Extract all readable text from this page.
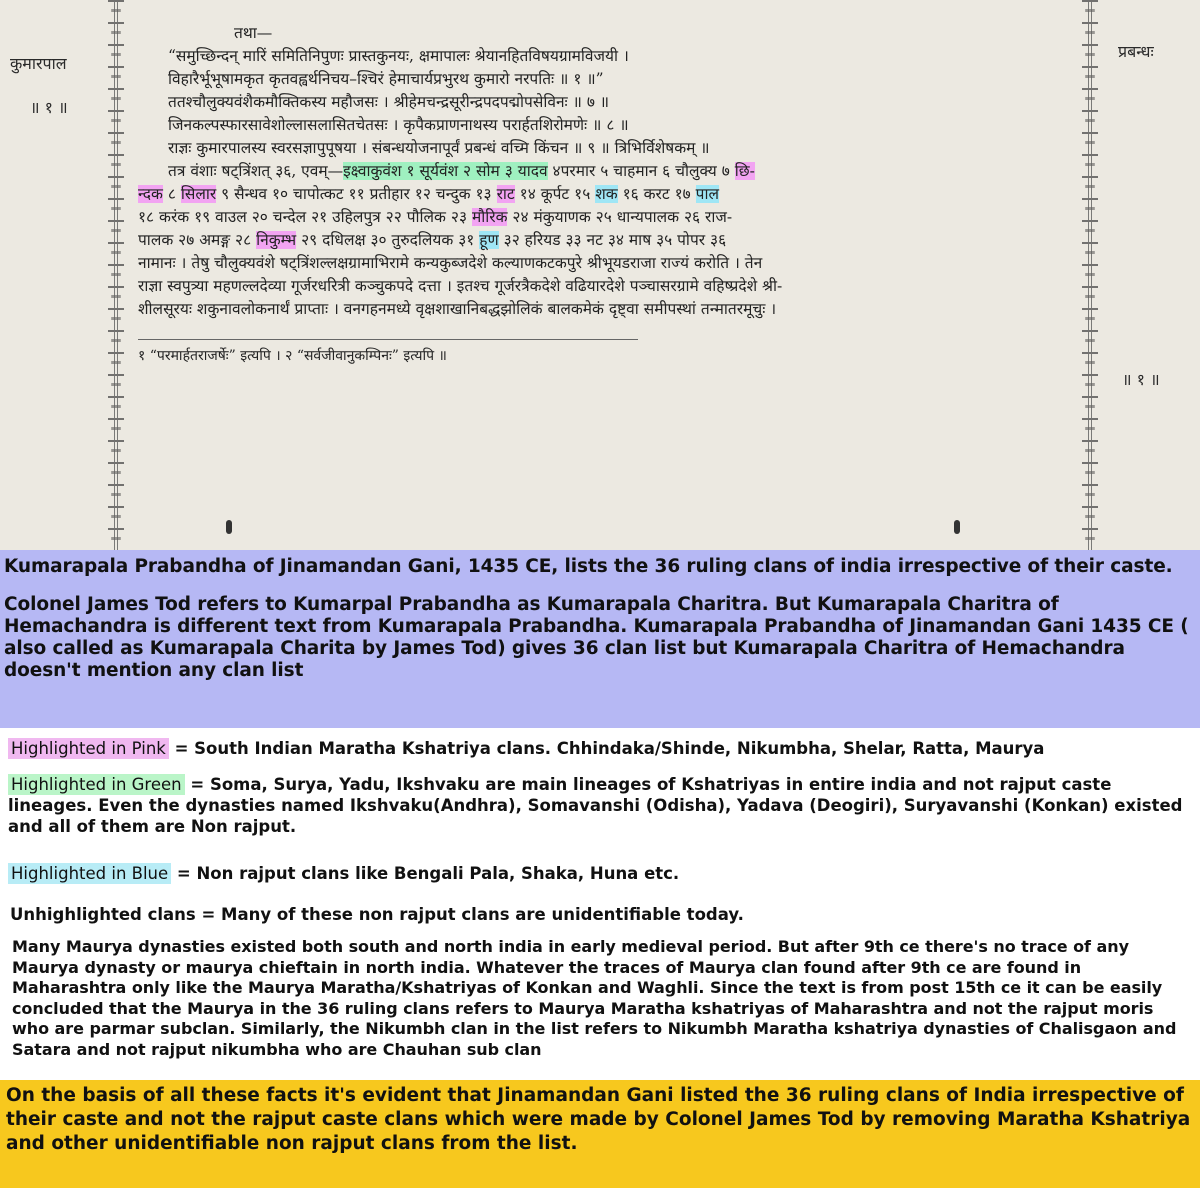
कुमारपाल
॥ १ ॥
प्रबन्धः
॥ १ ॥
तथा—
“समुच्छिन्दन् मारिं समितिनिपुणः प्रास्तकुनयः, क्षमापालः श्रेयानहितविषयग्रामविजयी ।
विहारैर्भूभूषामकृत कृतवह्वर्थनिचय–श्चिरं हेमाचार्यप्रभुरथ कुमारो नरपतिः ॥ १ ॥”
ततश्चौलुक्यवंशैकमौक्तिकस्य महौजसः । श्रीहेमचन्द्रसूरीन्द्रपदपद्मोपसेविनः ॥ ७ ॥
जिनकल्पस्फारसावेशोल्लासलासितचेतसः । कृपैकप्राणनाथस्य परार्हतशिरोमणेः ॥ ८ ॥
राज्ञः कुमारपालस्य स्वरसज्ञापुपूषया । संबन्धयोजनापूर्वं प्रबन्धं वच्मि किंचन ॥ ९ ॥ त्रिभिर्विशेषकम् ॥
तत्र वंशाः षट्त्रिंशत् ३६, एवम्—इक्ष्वाकुवंश १ सूर्यवंश २ सोम ३ यादव ४परमार ५ चाहमान ६ चौलुक्य ७ छि-
न्दक ८ सिलार ९ सैन्धव १० चापोत्कट ११ प्रतीहार १२ चन्दुक १३ राट १४ कूर्पट १५ शक १६ करट १७ पाल
१८ करंक १९ वाउल २० चन्देल २१ उहिलपुत्र २२ पौलिक २३ मौरिक २४ मंकुयाणक २५ धान्यपालक २६ राज-
पालक २७ अमङ्ग २८ निकुम्भ २९ दधिलक्ष ३० तुरुदलियक ३१ हूण ३२ हरियड ३३ नट ३४ माष ३५ पोपर ३६
नामानः । तेषु चौलुक्यवंशे षट्त्रिंशल्लक्षग्रामाभिरामे कन्यकुब्जदेशे कल्याणकटकपुरे श्रीभूयडराजा राज्यं करोति । तेन
राज्ञा स्वपुत्र्या महणल्लदेव्या गूर्जरधरित्री कञ्चुकपदे दत्ता । इतश्च गूर्जरत्रैकदेशे वढियारदेशे पञ्चासरग्रामे वहिष्प्रदेशे श्री-
शीलसूरयः शकुनावलोकनार्थं प्राप्ताः । वनगहनमध्ये वृक्षशाखानिबद्धझोलिकं बालकमेकं दृष्ट्वा समीपस्थां तन्मातरमूचुः ।
१ “परमार्हतराजर्षेः” इत्यपि । २ “सर्वजीवानुकम्पिनः” इत्यपि ॥

Kumarapala Prabandha of Jinamandan Gani, 1435 CE, lists the 36 ruling clans of india irrespective of their caste.

Colonel James Tod refers to Kumarpal Prabandha as Kumarapala Charitra. But Kumarapala Charitra of Hemachandra is different text from Kumarapala Prabandha. Kumarapala Prabandha of Jinamandan Gani 1435 CE ( also called as Kumarapala Charita by James Tod) gives 36 clan list but Kumarapala Charitra of Hemachandra doesn't mention any clan list

Highlighted in Pink = South Indian Maratha Kshatriya clans. Chhindaka/Shinde, Nikumbha, Shelar, Ratta, Maurya
Highlighted in Green = Soma, Surya, Yadu, Ikshvaku are main lineages of Kshatriyas in entire india and not rajput caste lineages. Even the dynasties named Ikshvaku(Andhra), Somavanshi (Odisha), Yadava (Deogiri), Suryavanshi (Konkan) existed and all of them are Non rajput.
Highlighted in Blue = Non rajput clans like Bengali Pala, Shaka, Huna etc.
Unhighlighted clans = Many of these non rajput clans are unidentifiable today.
Many Maurya dynasties existed both south and north india in early medieval period. But after 9th ce there's no trace of any Maurya dynasty or maurya chieftain in north india. Whatever the traces of Maurya clan found after 9th ce are found in Maharashtra only like the Maurya Maratha/Kshatriyas of Konkan and Waghli. Since the text is from post 15th ce it can be easily concluded that the Maurya in the 36 ruling clans refers to Maurya Maratha kshatriyas of Maharashtra and not the rajput moris who are parmar subclan. Similarly, the Nikumbh clan in the list refers to Nikumbh Maratha kshatriya dynasties of Chalisgaon and Satara and not rajput nikumbha who are Chauhan sub clan

On the basis of all these facts it's evident that Jinamandan Gani listed the 36 ruling clans of India irrespective of their caste and not the rajput caste clans which were made by Colonel James Tod by removing Maratha Kshatriya and other unidentifiable non rajput clans from the list.
